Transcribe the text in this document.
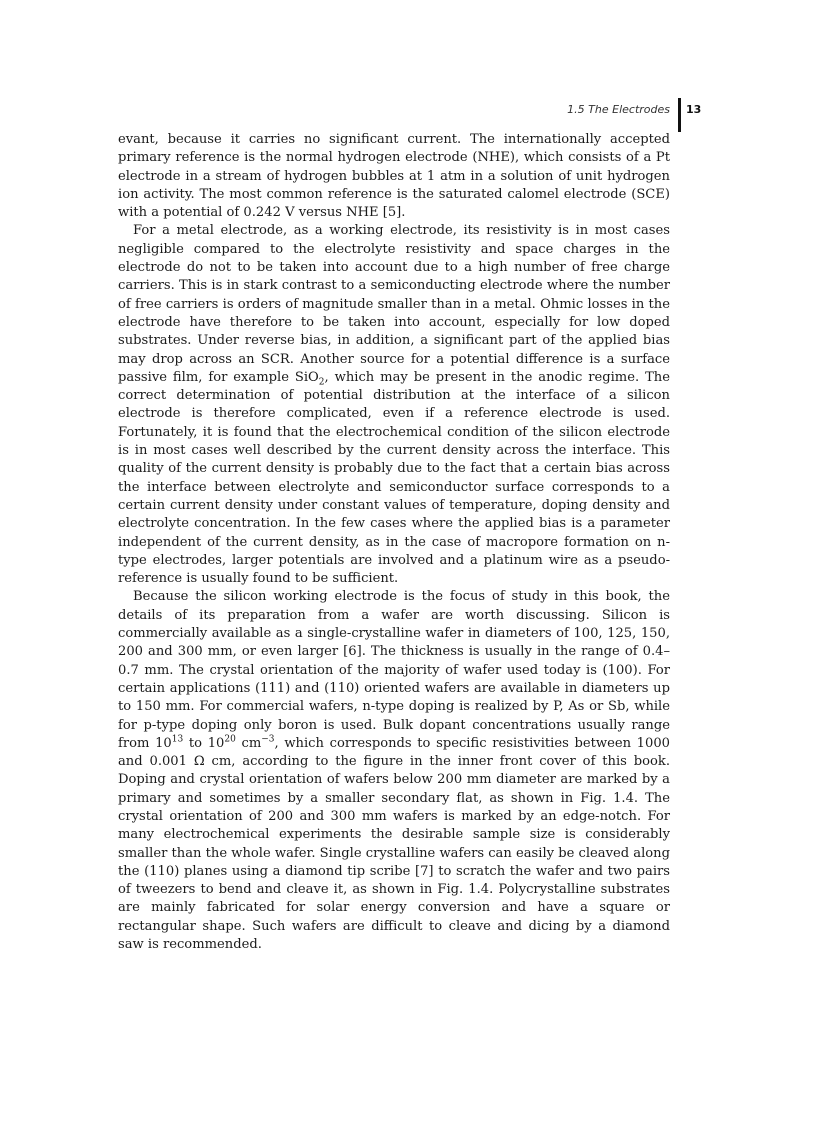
1.5 The Electrodes 13

evant, because it carries no significant current. The internationally accepted primary reference is the normal hydrogen electrode (NHE), which consists of a Pt electrode in a stream of hydrogen bubbles at 1 atm in a solution of unit hydrogen ion activity. The most common reference is the saturated calomel electrode (SCE) with a potential of 0.242 V versus NHE [5].

For a metal electrode, as a working electrode, its resistivity is in most cases negligible compared to the electrolyte resistivity and space charges in the electrode do not to be taken into account due to a high number of free charge carriers. This is in stark contrast to a semiconducting electrode where the number of free carriers is orders of magnitude smaller than in a metal. Ohmic losses in the electrode have therefore to be taken into account, especially for low doped substrates. Under reverse bias, in addition, a significant part of the applied bias may drop across an SCR. Another source for a potential difference is a surface passive film, for example SiO$_2$, which may be present in the anodic regime. The correct determination of potential distribution at the interface of a silicon electrode is therefore complicated, even if a reference electrode is used. Fortunately, it is found that the electrochemical condition of the silicon electrode is in most cases well described by the current density across the interface. This quality of the current density is probably due to the fact that a certain bias across the interface between electrolyte and semiconductor surface corresponds to a certain current density under constant values of temperature, doping density and electrolyte concentration. In the few cases where the applied bias is a parameter independent of the current density, as in the case of macropore formation on n-type electrodes, larger potentials are involved and a platinum wire as a pseudo-reference is usually found to be sufficient.

Because the silicon working electrode is the focus of study in this book, the details of its preparation from a wafer are worth discussing. Silicon is commercially available as a single-crystalline wafer in diameters of 100, 125, 150, 200 and 300 mm, or even larger [6]. The thickness is usually in the range of 0.4–0.7 mm. The crystal orientation of the majority of wafer used today is (100). For certain applications (111) and (110) oriented wafers are available in diameters up to 150 mm. For commercial wafers, n-type doping is realized by P, As or Sb, while for p-type doping only boron is used. Bulk dopant concentrations usually range from $10^{13}$ to $10^{20}$ $cm^{-3}$, which corresponds to specific resistivities between 1000 and 0.001 Ω cm, according to the figure in the inner front cover of this book. Doping and crystal orientation of wafers below 200 mm diameter are marked by a primary and sometimes by a smaller secondary flat, as shown in Fig. 1.4. The crystal orientation of 200 and 300 mm wafers is marked by an edge-notch. For many electrochemical experiments the desirable sample size is considerably smaller than the whole wafer. Single crystalline wafers can easily be cleaved along the (110) planes using a diamond tip scribe [7] to scratch the wafer and two pairs of tweezers to bend and cleave it, as shown in Fig. 1.4. Polycrystalline substrates are mainly fabricated for solar energy conversion and have a square or rectangular shape. Such wafers are difficult to cleave and dicing by a diamond saw is recommended.
